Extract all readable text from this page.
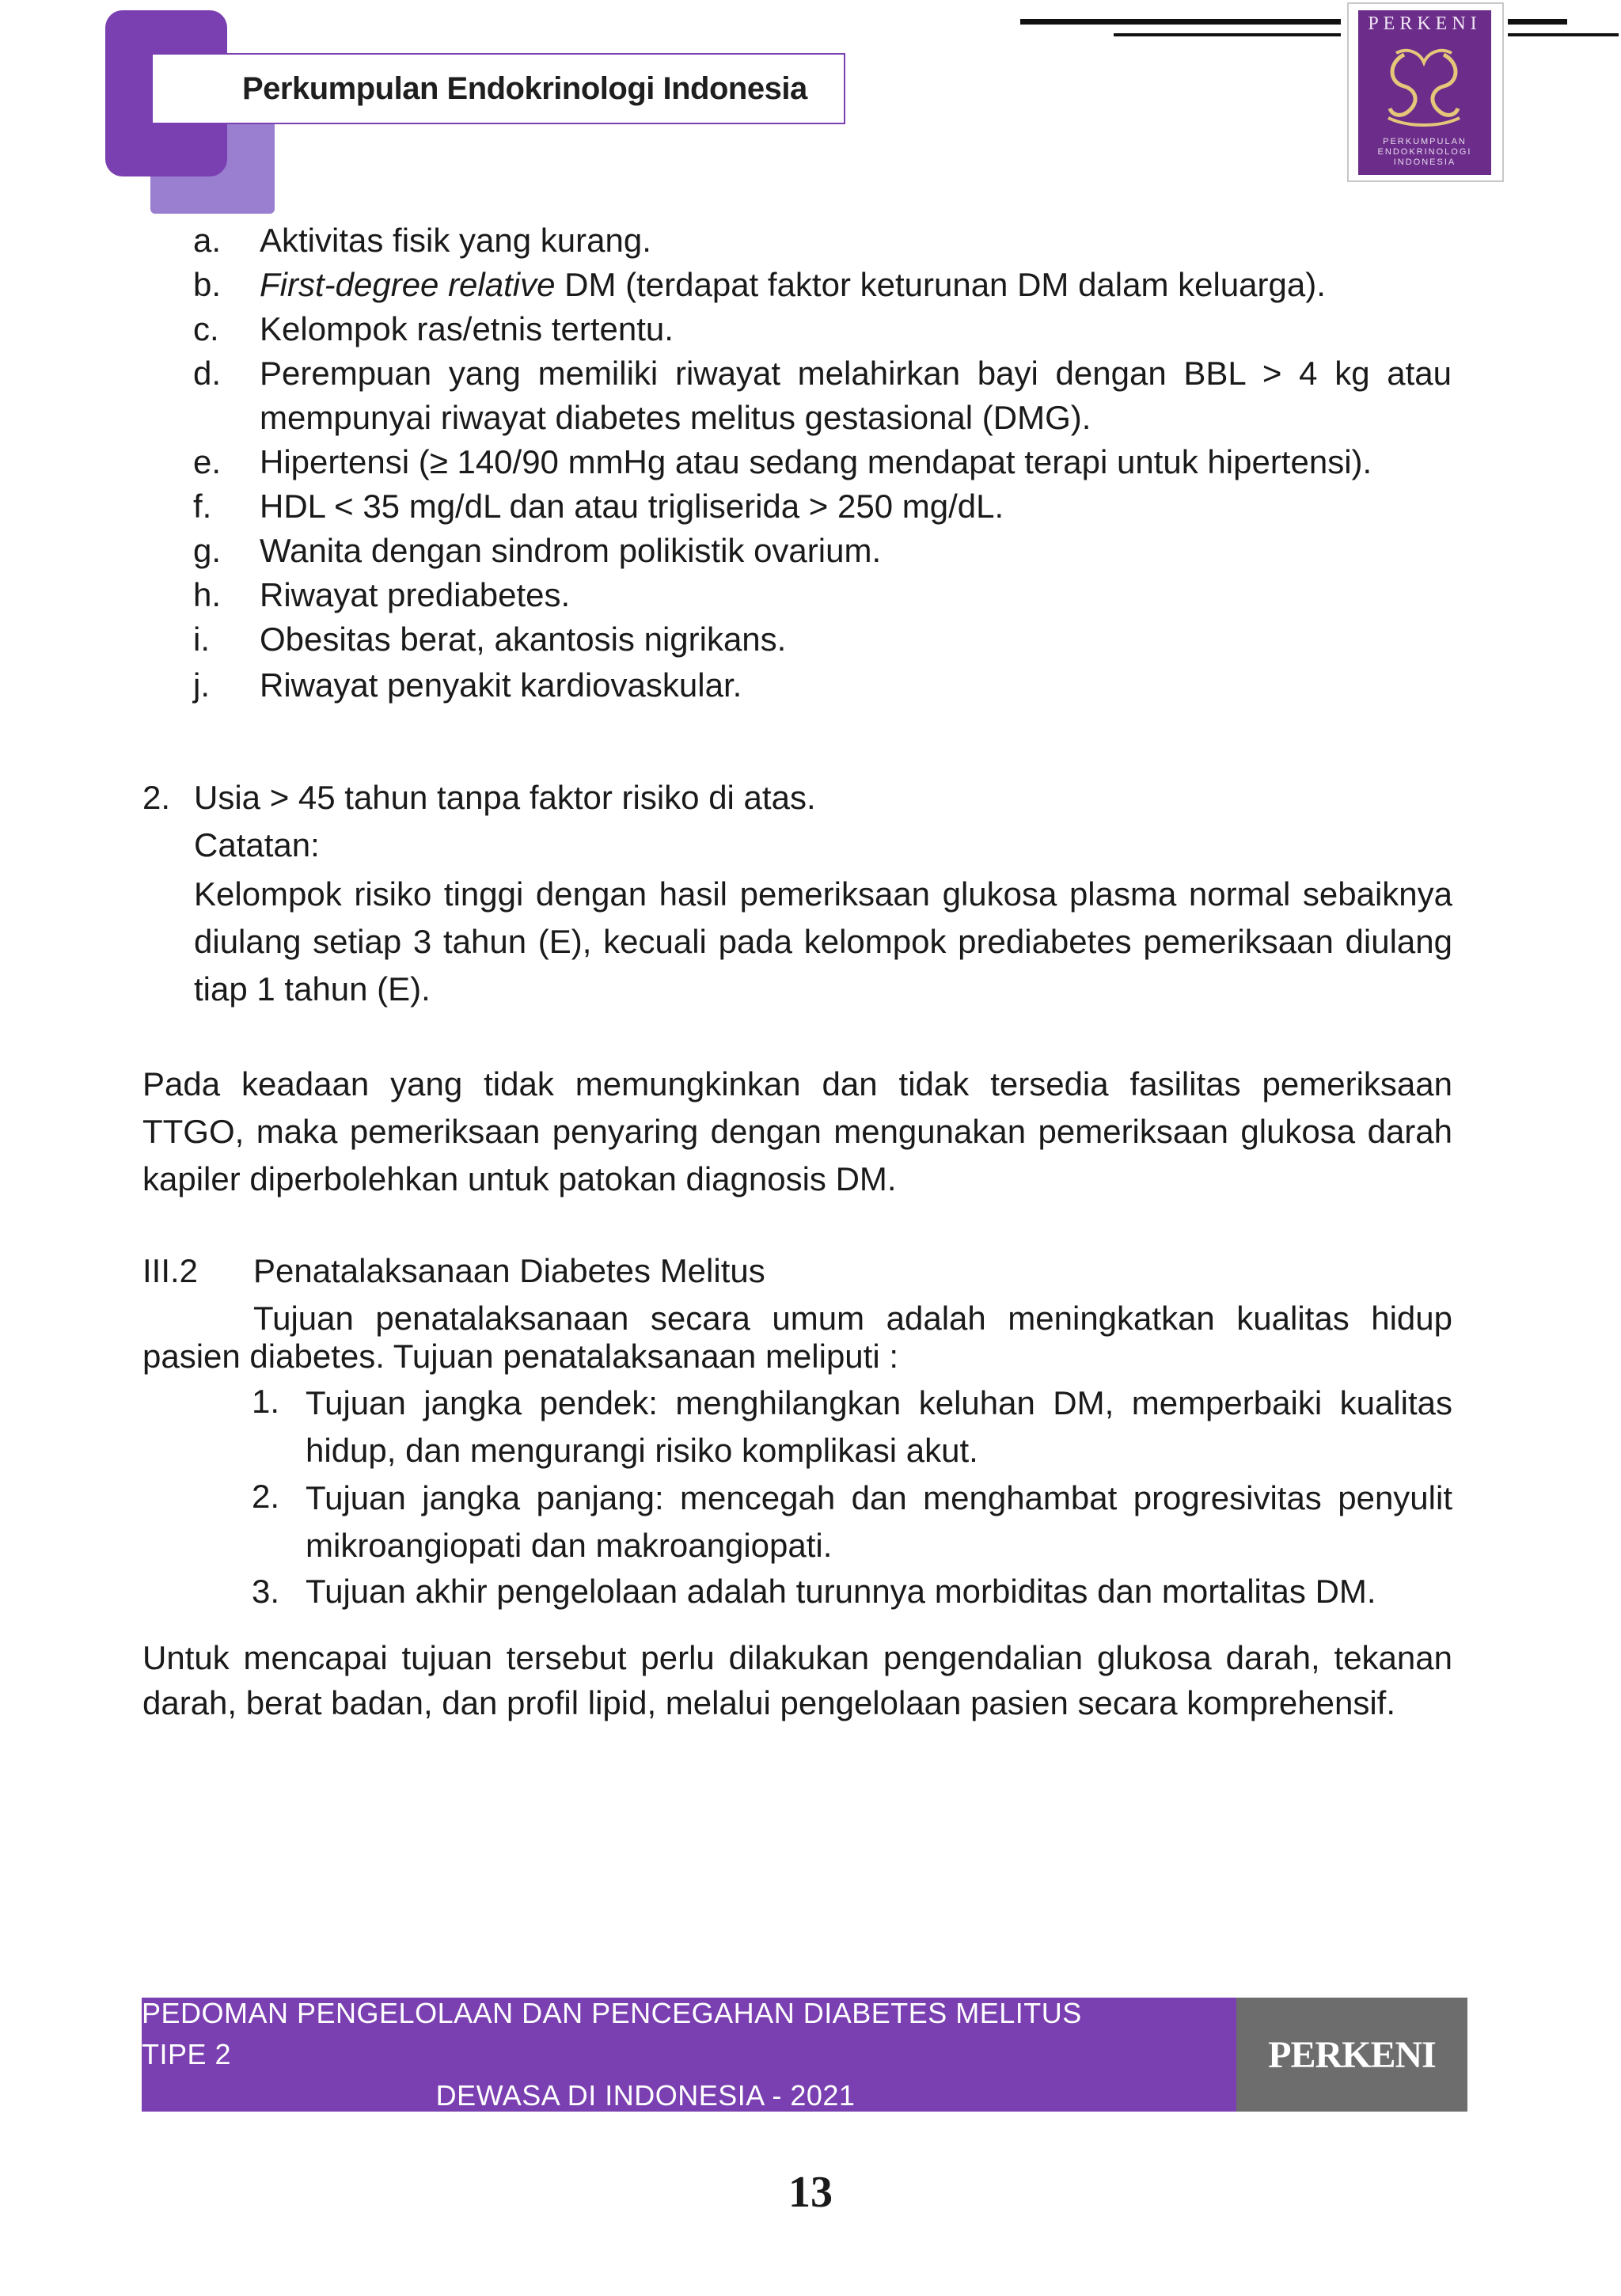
Perkumpulan Endokrinologi Indonesia
PERKENI
PERKUMPULAN
ENDOKRINOLOGI
INDONESIA
a. Aktivitas fisik yang kurang.
b. First-degree relative DM (terdapat faktor keturunan DM dalam keluarga).
c. Kelompok ras/etnis tertentu.
d. Perempuan yang memiliki riwayat melahirkan bayi dengan BBL > 4 kg atau mempunyai riwayat diabetes melitus gestasional (DMG).
e. Hipertensi (≥ 140/90 mmHg atau sedang mendapat terapi untuk hipertensi).
f. HDL < 35 mg/dL dan atau trigliserida > 250 mg/dL.
g. Wanita dengan sindrom polikistik ovarium.
h. Riwayat prediabetes.
i. Obesitas berat, akantosis nigrikans.
j. Riwayat penyakit kardiovaskular.
2. Usia > 45 tahun tanpa faktor risiko di atas.
Catatan:
Kelompok risiko tinggi dengan hasil pemeriksaan glukosa plasma normal sebaiknya diulang setiap 3 tahun (E), kecuali pada kelompok prediabetes pemeriksaan diulang tiap 1 tahun (E).
Pada keadaan yang tidak memungkinkan dan tidak tersedia fasilitas pemeriksaan TTGO, maka pemeriksaan penyaring dengan mengunakan pemeriksaan glukosa darah kapiler diperbolehkan untuk patokan diagnosis DM.
III.2 Penatalaksanaan Diabetes Melitus
Tujuan penatalaksanaan secara umum adalah meningkatkan kualitas hidup
pasien diabetes. Tujuan penatalaksanaan meliputi :
1. Tujuan jangka pendek: menghilangkan keluhan DM, memperbaiki kualitas hidup, dan mengurangi risiko komplikasi akut.
2. Tujuan jangka panjang: mencegah dan menghambat progresivitas penyulit mikroangiopati dan makroangiopati.
3. Tujuan akhir pengelolaan adalah turunnya morbiditas dan mortalitas DM.
Untuk mencapai tujuan tersebut perlu dilakukan pengendalian glukosa darah, tekanan darah, berat badan, dan profil lipid, melalui pengelolaan pasien secara komprehensif.
PEDOMAN PENGELOLAAN DAN PENCEGAHAN DIABETES MELITUS TIPE 2
DEWASA DI INDONESIA - 2021
PERKENI
13
